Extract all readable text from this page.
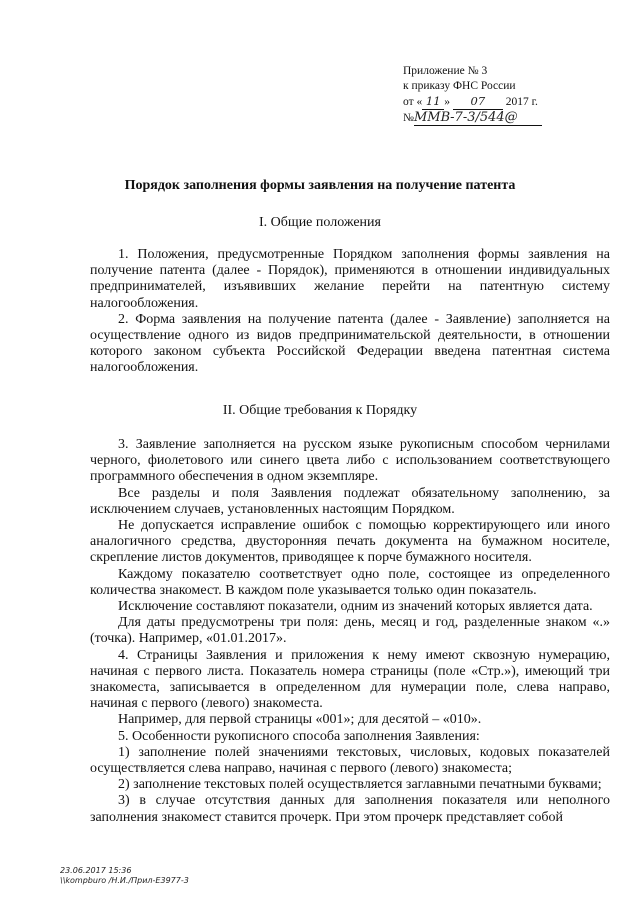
Приложение № 3
к приказу ФНС России
от « 11 » 07 2017 г.
№ММВ-7-3/544@
Порядок заполнения формы заявления на получение патента
I. Общие положения

1. Положения, предусмотренные Порядком заполнения формы заявления на получение патента (далее - Порядок), применяются в отношении индивидуальных предпринимателей, изъявивших желание перейти на патентную систему налогообложения.

2. Форма заявления на получение патента (далее - Заявление) заполняется на осуществление одного из видов предпринимательской деятельности, в отношении которого законом субъекта Российской Федерации введена патентная система налогообложения.

II. Общие требования к Порядку

3. Заявление заполняется на русском языке рукописным способом чернилами черного, фиолетового или синего цвета либо с использованием соответствующего программного обеспечения в одном экземпляре.

Все разделы и поля Заявления подлежат обязательному заполнению, за исключением случаев, установленных настоящим Порядком.

Не допускается исправление ошибок с помощью корректирующего или иного аналогичного средства, двусторонняя печать документа на бумажном носителе, скрепление листов документов, приводящее к порче бумажного носителя.

Каждому показателю соответствует одно поле, состоящее из определенного количества знакомест. В каждом поле указывается только один показатель.

Исключение составляют показатели, одним из значений которых является дата.

Для даты предусмотрены три поля: день, месяц и год, разделенные знаком «.» (точка). Например, «01.01.2017».

4. Страницы Заявления и приложения к нему имеют сквозную нумерацию, начиная с первого листа. Показатель номера страницы (поле «Стр.»), имеющий три знакоместа, записывается в определенном для нумерации поле, слева направо, начиная с первого (левого) знакоместа.

Например, для первой страницы «001»; для десятой – «010».

5. Особенности рукописного способа заполнения Заявления:

1) заполнение полей значениями текстовых, числовых, кодовых показателей осуществляется слева направо, начиная с первого (левого) знакоместа;

2) заполнение текстовых полей осуществляется заглавными печатными буквами;

3) в случае отсутствия данных для заполнения показателя или неполного заполнения знакомест ставится прочерк. При этом прочерк представляет собой

23.06.2017 15:36
\\kompburo /Н.И./Прил-Е3977-3
